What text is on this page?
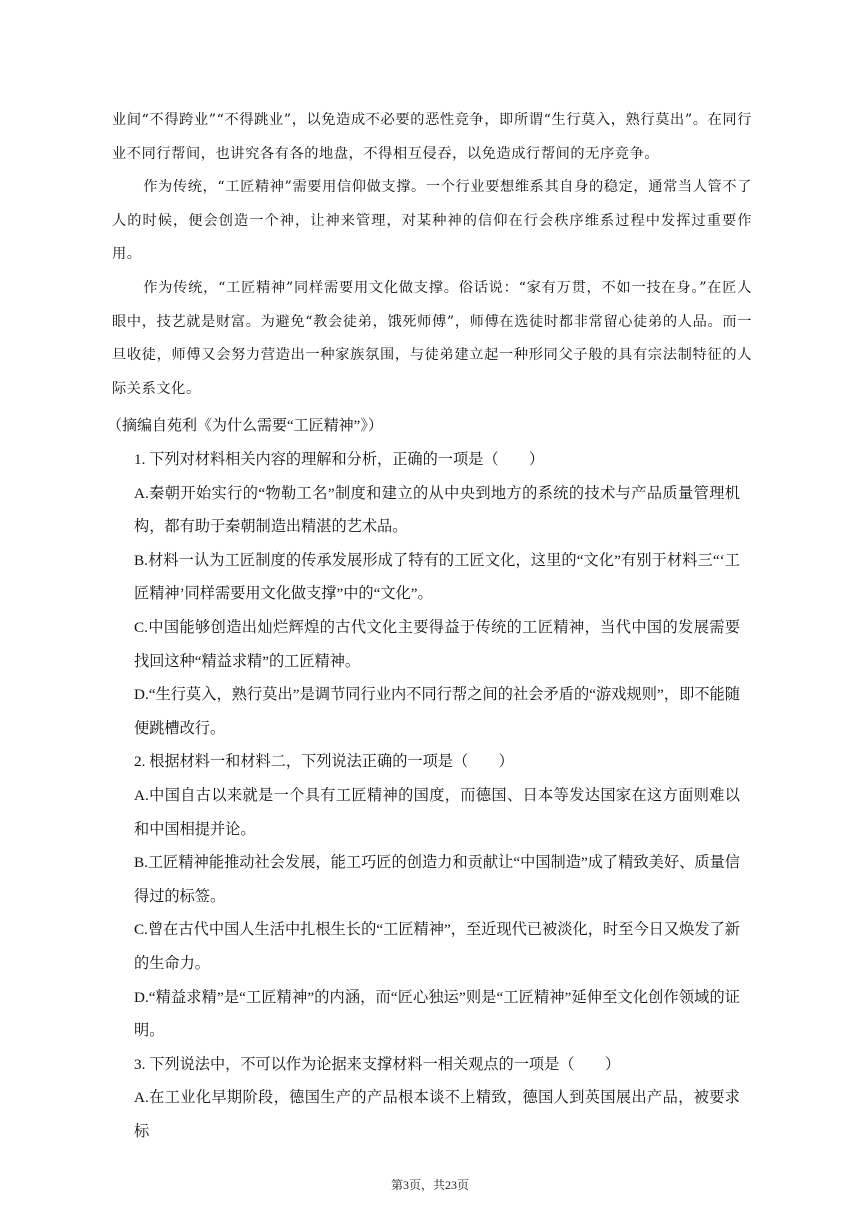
业间“不得跨业”“不得跳业”，以免造成不必要的恶性竞争，即所谓“生行莫入，熟行莫出”。在同行业不同行帮间，也讲究各有各的地盘，不得相互侵吞，以免造成行帮间的无序竞争。

作为传统，“工匠精神”需要用信仰做支撑。一个行业要想维系其自身的稳定，通常当人管不了人的时候，便会创造一个神，让神来管理，对某种神的信仰在行会秩序维系过程中发挥过重要作用。

作为传统，“工匠精神”同样需要用文化做支撑。俗话说：“家有万贯，不如一技在身。”在匠人眼中，技艺就是财富。为避免“教会徒弟，饿死师傅”，师傅在选徒时都非常留心徒弟的人品。而一旦收徒，师傅又会努力营造出一种家族氛围，与徒弟建立起一种形同父子般的具有宗法制特征的人际关系文化。

（摘编自苑利《为什么需要“工匠精神”》）
1. 下列对材料相关内容的理解和分析，正确的一项是（　　）
A.秦朝开始实行的“物勒工名”制度和建立的从中央到地方的系统的技术与产品质量管理机构，都有助于秦朝制造出精湛的艺术品。
B.材料一认为工匠制度的传承发展形成了特有的工匠文化，这里的“文化”有别于材料三“‘工匠精神’同样需要用文化做支撑”中的“文化”。
C.中国能够创造出灿烂辉煌的古代文化主要得益于传统的工匠精神，当代中国的发展需要找回这种“精益求精”的工匠精神。
D.“生行莫入，熟行莫出”是调节同行业内不同行帮之间的社会矛盾的“游戏规则”，即不能随便跳槽改行。
2. 根据材料一和材料二，下列说法正确的一项是（　　）
A.中国自古以来就是一个具有工匠精神的国度，而德国、日本等发达国家在这方面则难以和中国相提并论。
B.工匠精神能推动社会发展，能工巧匠的创造力和贡献让“中国制造”成了精致美好、质量信得过的标签。
C.曾在古代中国人生活中扎根生长的“工匠精神”，至近现代已被淡化，时至今日又焕发了新的生命力。
D.“精益求精”是“工匠精神”的内涵，而“匠心独运”则是“工匠精神”延伸至文化创作领域的证明。
3. 下列说法中，不可以作为论据来支撑材料一相关观点的一项是（　　）
A.在工业化早期阶段，德国生产的产品根本谈不上精致，德国人到英国展出产品，被要求标
第3页，共23页
